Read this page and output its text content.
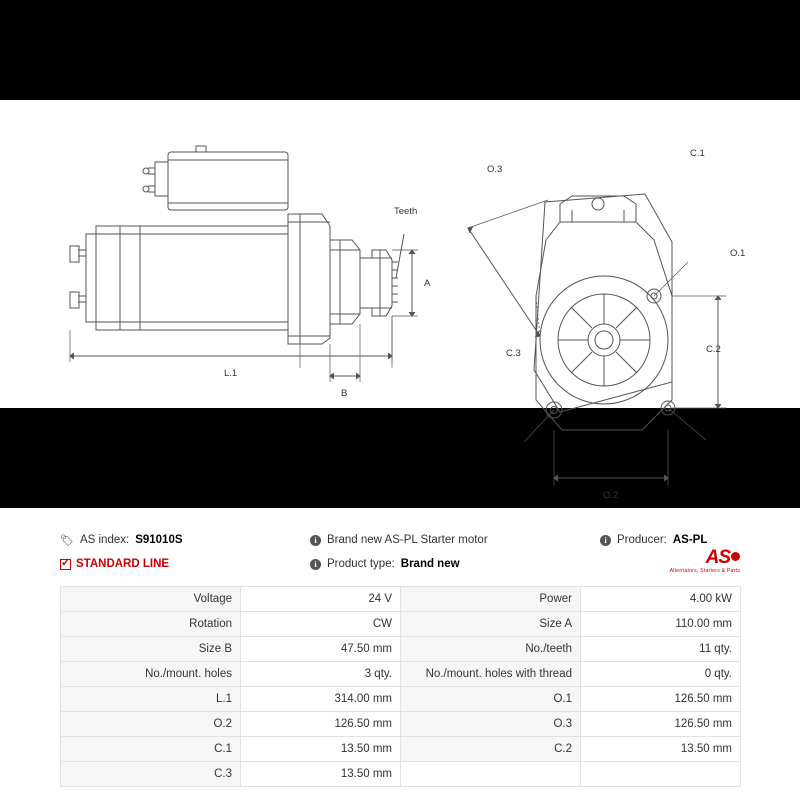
Teeth
A
B
L.1
O.1
O.2
O.3
C.1
C.2
C.3
🏷 AS index: S91010S	i Brand new AS-PL Starter motor	i Producer: AS-PL
✓
STANDARD LINE	i Product type: Brand new	AS
Alternators, Starters & Parts
Voltage	24 V	Power	4.00 kW
Rotation	CW	Size A	110.00 mm
Size B	47.50 mm	No./teeth	11 qty.
No./mount. holes	3 qty.	No./mount. holes with thread	0 qty.
L.1	314.00 mm	O.1	126.50 mm
O.2	126.50 mm	O.3	126.50 mm
C.1	13.50 mm	C.2	13.50 mm
C.3	13.50 mm		
